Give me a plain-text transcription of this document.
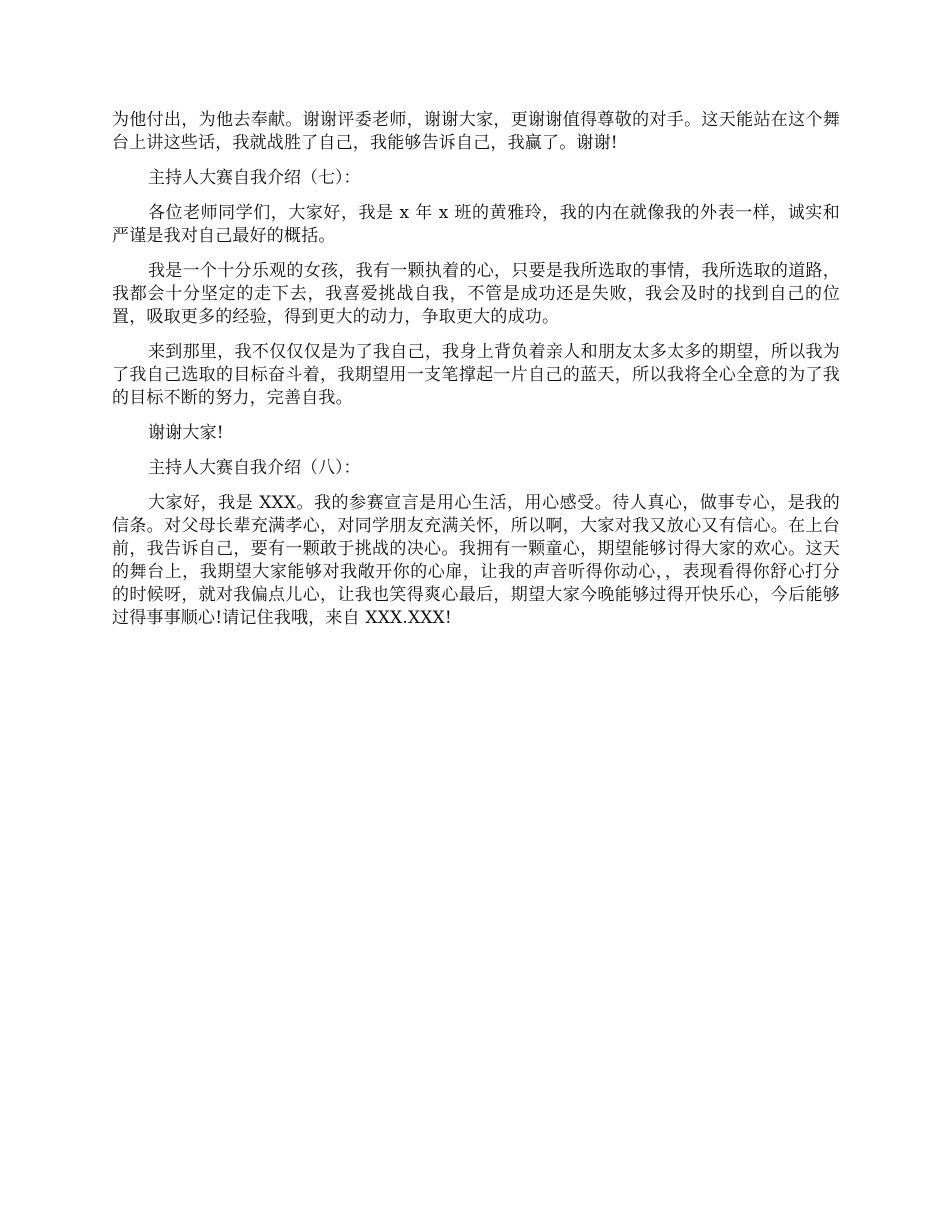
为他付出，为他去奉献。谢谢评委老师，谢谢大家，更谢谢值得尊敬的对手。这天能站在这个舞台上讲这些话，我就战胜了自己，我能够告诉自己，我赢了。谢谢!

主持人大赛自我介绍（七）：

各位老师同学们，大家好，我是 x 年 x 班的黄雅玲，我的内在就像我的外表一样，诚实和严谨是我对自己最好的概括。

我是一个十分乐观的女孩，我有一颗执着的心，只要是我所选取的事情，我所选取的道路，我都会十分坚定的走下去，我喜爱挑战自我，不管是成功还是失败，我会及时的找到自己的位置，吸取更多的经验，得到更大的动力，争取更大的成功。

来到那里，我不仅仅仅是为了我自己，我身上背负着亲人和朋友太多太多的期望，所以我为了我自己选取的目标奋斗着，我期望用一支笔撑起一片自己的蓝天，所以我将全心全意的为了我的目标不断的努力，完善自我。

谢谢大家!

主持人大赛自我介绍（八）：

大家好，我是 XXX。我的参赛宣言是用心生活，用心感受。待人真心，做事专心，是我的信条。对父母长辈充满孝心，对同学朋友充满关怀，所以啊，大家对我又放心又有信心。在上台前，我告诉自己，要有一颗敢于挑战的决心。我拥有一颗童心，期望能够讨得大家的欢心。这天的舞台上，我期望大家能够对我敞开你的心扉，让我的声音听得你动心，，表现看得你舒心打分的时候呀，就对我偏点儿心，让我也笑得爽心最后，期望大家今晚能够过得开快乐心，今后能够过得事事顺心!请记住我哦，来自 XXX.XXX!
